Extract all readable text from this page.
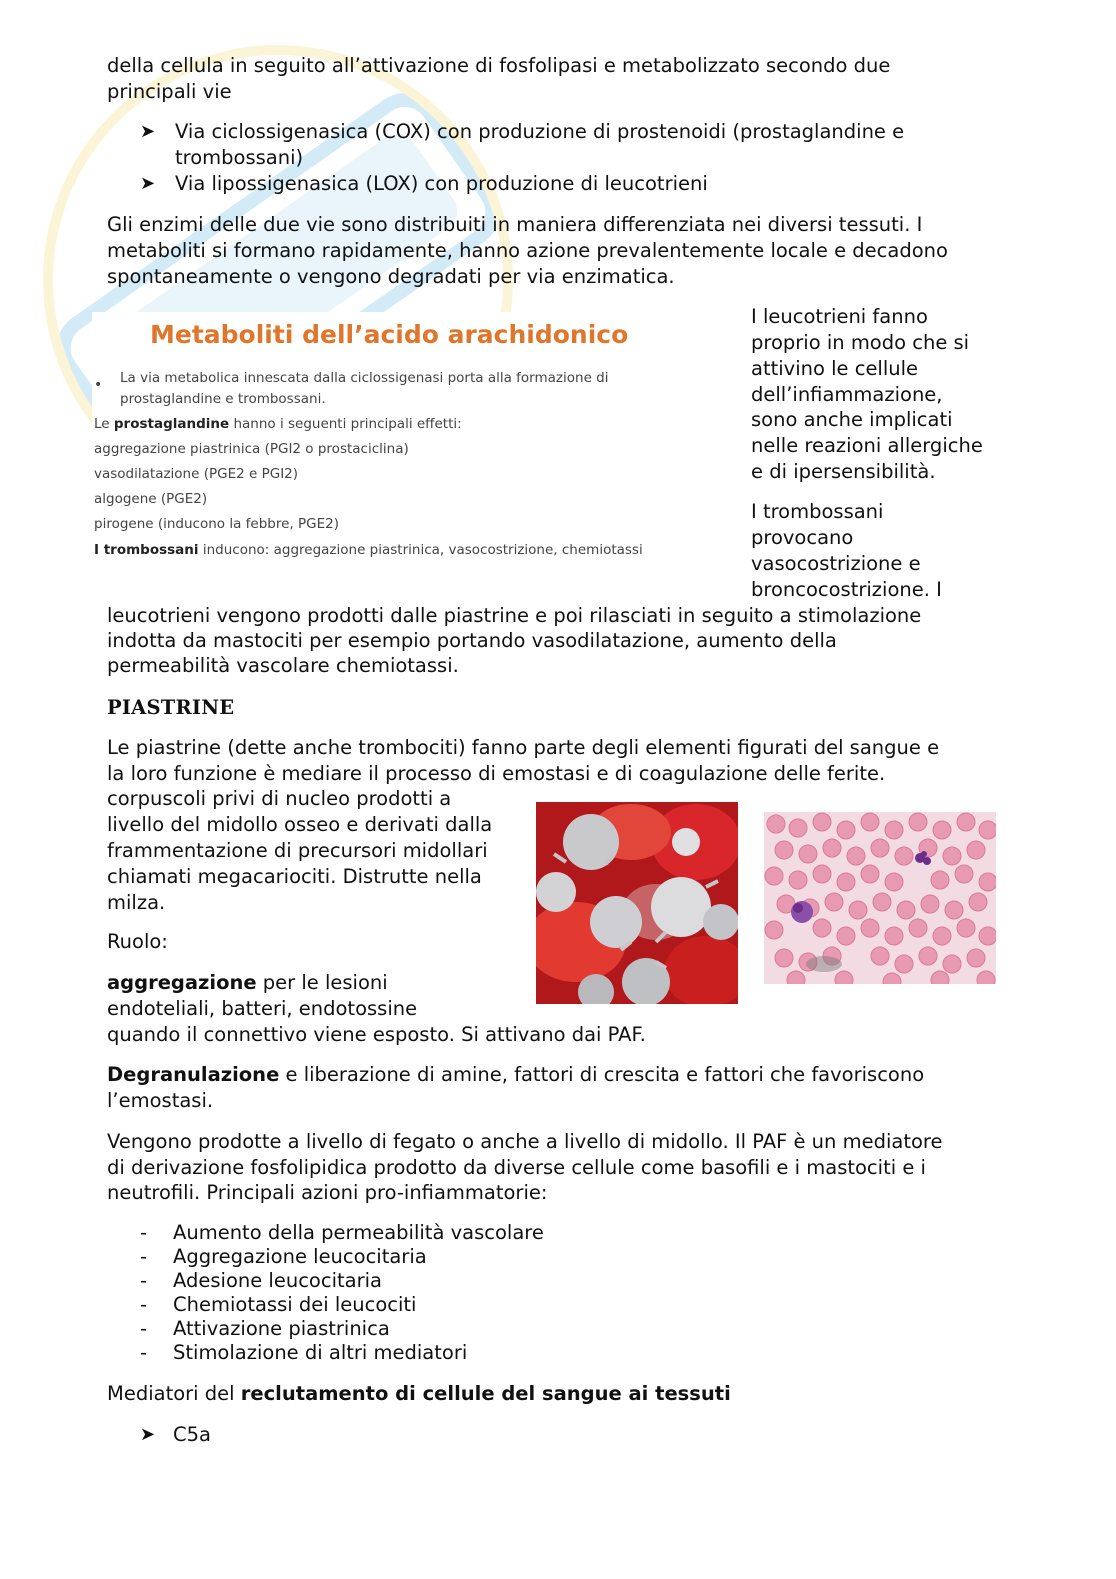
della cellula in seguito all’attivazione di fosfolipasi e metabolizzato secondo due

principali vie

➤ Via ciclossigenasica (COX) con produzione di prostenoidi (prostaglandine e

trombossani)

➤ Via lipossigenasica (LOX) con produzione di leucotrieni

Gli enzimi delle due vie sono distribuiti in maniera differenziata nei diversi tessuti. I

metaboliti si formano rapidamente, hanno azione prevalentemente locale e decadono

spontaneamente o vengono degradati per via enzimatica.

Metaboliti dell’acido arachidonico
• La via metabolica innescata dalla ciclossigenasi porta alla formazione di
prostaglandine e trombossani.
Le prostaglandine hanno i seguenti principali effetti:
aggregazione piastrinica (PGI2 o prostaciclina)
vasodilatazione (PGE2 e PGI2)
algogene (PGE2)
pirogene (inducono la febbre, PGE2)
I trombossani inducono: aggregazione piastrinica, vasocostrizione, chemiotassi

I leucotrieni fanno

proprio in modo che si

attivino le cellule

dell’infiammazione,

sono anche implicati

nelle reazioni allergiche

e di ipersensibilità.

I trombossani

provocano

vasocostrizione e

broncocostrizione. I

leucotrieni vengono prodotti dalle piastrine e poi rilasciati in seguito a stimolazione

indotta da mastociti per esempio portando vasodilatazione, aumento della

permeabilità vascolare chemiotassi.

PIASTRINE

Le piastrine (dette anche trombociti) fanno parte degli elementi figurati del sangue e

la loro funzione è mediare il processo di emostasi e di coagulazione delle ferite.

corpuscoli privi di nucleo prodotti a

livello del midollo osseo e derivati dalla

frammentazione di precursori midollari

chiamati megacariociti. Distrutte nella

milza.

Ruolo:

aggregazione per le lesioni

endoteliali, batteri, endotossine

quando il connettivo viene esposto. Si attivano dai PAF.

Degranulazione e liberazione di amine, fattori di crescita e fattori che favoriscono

l’emostasi.

Vengono prodotte a livello di fegato o anche a livello di midollo. Il PAF è un mediatore

di derivazione fosfolipidica prodotto da diverse cellule come basofili e i mastociti e i

neutrofili. Principali azioni pro-infiammatorie:

- Aumento della permeabilità vascolare

- Aggregazione leucocitaria

- Adesione leucocitaria

- Chemiotassi dei leucociti

- Attivazione piastrinica

- Stimolazione di altri mediatori

Mediatori del reclutamento di cellule del sangue ai tessuti

➤ C5a
